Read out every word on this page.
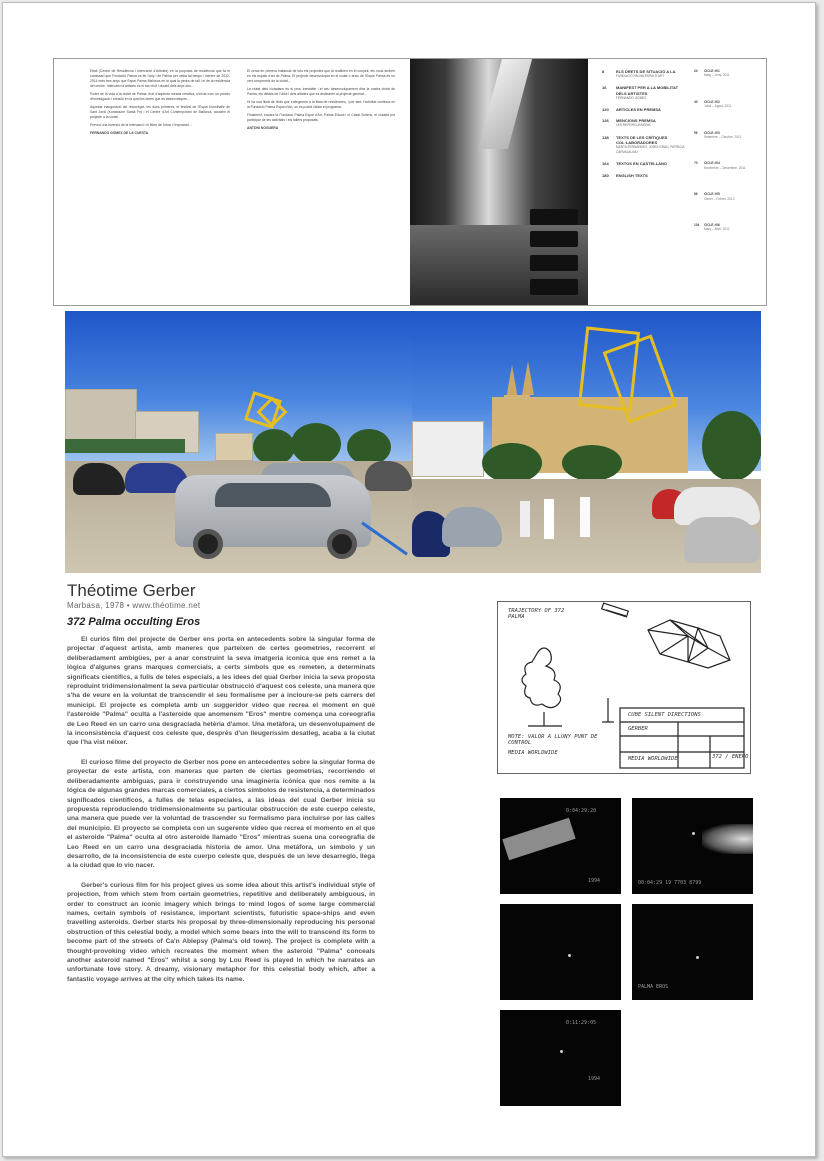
Eltall (Centre de Residència i Intercanvi d'Artistes) en la proposta de residència que fa el comissari que Fundació Palma va fer l'any i de Palma per vetlla tal temps i mentre de 2012-2014 més tres anys que Espai Palma Mallorca en la qual la pedra de tall i el de la residència del centre. Intercanvi d'artistes és el seu fruit i durant dels anys dos...

Poder de la vida a la ciutat de Palma, fruit d'aquesta mirada creativa, s'inicia com un procés d'investigació i creació en la qual les idees que es desenvolupen...

Aquesta inauguració del recorregut, les dues primeres, el festival de l'Espai Kunsthalle de Sant Jordi (Kunstraum Santa Fe) i el Centre d'Art Contemporani de Mallorca, acosten el projecte a la ciutat.

Preveu una inversió de la intercanvi i el llibre de l'obra i l'exposició...

FERNANDO GÓMEZ DE LA CUESTA

El cerca en primera instància de tots els projectes que la realitzen en el conjunt, els nous arriben en els espais d'art de Palma. El projecte desenvolupat en el ciutat o arxiu de l'Espai Palma és un cert compromís de la ciutat...

La ciutat dels ciutadans és el prou inestable i el seu desenvolupament dins la nostra ciutat de Palma, els detalls de l'obra i dels artistes que es dedicaren al projecte general...

Hi ha una llista de títols que s'afegeixen a la llista de residències, i per tant, l'activitat continua en la Fundació Palma Espai d'Art, on es podrà visitar el programa.

Finalment, encara la Fundació Palma Espai d'Art, Palma Educa i el Casal Solleric, el ciutadà pot participar de les activitats i els tallers proposats.

ANTONI NOGUERA

8	ELS DRETS DE SITUACIÓ A LA
FUNDACIÓ PALMA ESPAI D'ART
16	MANIFEST PER A LA MOBILITAT DELS ARTISTES
FERNANDO GÓMEZ
120	ARTICLES EN PREMSA
126	MENCIONS PREMSA
LES REPERCUSSIONS
138	TEXTS DE LES CRÍTIQUES COL·LABORADORES
MARTA FERNÁNDEZ, JORDI GRAU, PATRICIA CARVAJALINO
164	TEXTOS EN CASTELLANO
180	ENGLISH TEXTS
24	CICLE #01
Maig – Juny, 2011
40	CICLE #02
Juliol – Agost, 2011
56	CICLE #03
Setembre – Octubre, 2011
70	CICLE #04
Novembre – Desembre, 2011
86	CICLE #05
Gener – Febrer, 2012
104	CICLE #06
Març – Abril, 2012
Théotime Gerber
Marbasa, 1978 • www.théotime.net
372 Palma occulting Eros

El curiós film del projecte de Gerber ens porta en antecedents sobre la singular forma de projectar d'aquest artista, amb maneres que parteixen de certes geometries, recorrent el deliberadament ambigües, per a anar construint la seva imatgeria iconica que ens remet a la lògica d'algunes grans marques comercials, a certs símbols que es remeten, a determinats significats científics, a fulls de teles especials, a les idees del qual Gerber inicia la seva proposta reproduint tridimensionalment la seva particular obstrucció d'aquest cos celeste, una manera que s'ha de veure en la voluntat de transcendir el seu formalisme per a incloure-se pels carrers del municipi. El projecte es completa amb un suggeridor vídeo que recrea el moment en què l'asteroide "Palma" oculta a l'asteroide que anomenem "Eros" mentre comença una coreografia de Leo Reed en un carro una desgraciada hetèria d'amor. Una metàfora, un desenvolupament de la inconsistència d'aquest cos celeste que, després d'un lleugeríssim desatleg, acaba a la ciutat que l'ha vist néixer.

El curioso filme del proyecto de Gerber nos pone en antecedentes sobre la singular forma de proyectar de este artista, con maneras que parten de ciertas geometrías, recorriendo el deliberadamente ambiguas, para ir construyendo una imaginería icónica que nos remite a la lógica de algunas grandes marcas comerciales, a ciertos símbolos de resistencia, a determinados significados científicos, a fulles de telas especiales, a las ideas del cual Gerber inicia su propuesta reproduciendo tridimensionalmente su particular obstrucción de este cuerpo celeste, una manera que puede ver la voluntad de trascender su formalismo para incluirse por las calles del municipio. El proyecto se completa con un sugerente vídeo que recrea el momento en el que el asteroide "Palma" oculta al otro asteroide llamado "Eros" mientras suena una coreografía de Leo Reed en un carro una desgraciada historia de amor. Una metáfora, un símbolo y un desarrollo, de la inconsistencia de este cuerpo celeste que, después de un leve desarreglo, llega a la ciudad que lo vio nacer.

Gerber's curious film for his project gives us some idea about this artist's individual style of projection, from which stem from certain geometries, repetitive and deliberately ambiguous, in order to construct an iconic imagery which brings to mind logos of some large commercial names, certain symbols of resistance, important scientists, futuristic space-ships and even travelling asteroids. Gerber starts his proposal by three-dimensionally reproducing his personal obstruction of this celestial body, a model which some bears into the will to transcend its form to become part of the streets of Ca'n Ablepsy (Palma's old town). The project is complete with a thought-provoking video which recreates the moment when the asteroid "Palma" conceals another asteroid named "Eros" whilst a song by Lou Reed is played in which he narrates an unfortunate love story. A dreamy, visionary metaphor for this celestial body which, after a fantastic voyage arrives at the city which takes its name.

TRAJECTORY OF 372 PALMA
MOTE: VALOR A LLUNY PUNT DE CONTROL
MEDIA WORLDWIDE
CUBE SILENT DIRECTIONS
GERBER
372 / ENERO
MEDIA WORLDWIDE
0:04:29:20
1994	00:04:29 19 7703 8799
PALMA EROS
0:11:29:05
1994
